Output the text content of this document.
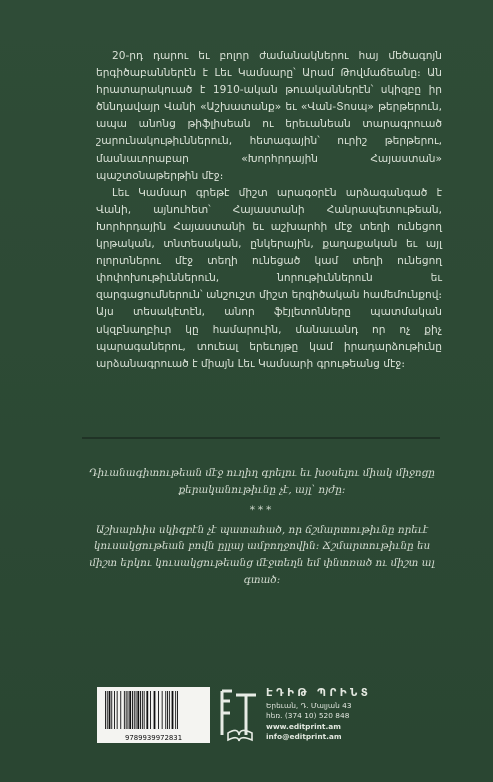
20-րդ դարու եւ բոլոր ժամանակներու հայ մեծագոյն երգիծաբաններէն է Լեւ Կամսարը՝ Արամ Թովմաճեանը։ Ան հրատարակուած է 1910-ական թուականներէն՝ սկիզբը իր ծննդավայր Վանի «Աշխատանք» եւ «Վան-Տոսպ» թերթերուն, ապա անոնց թիֆլիսեան ու երեւանեան տարագրուած շարունակութիւններուն, հետագային՝ ուրիշ թերթերու, մասնաւորաբար «Խորհրդային Հայաստան» պաշտօնաթերթին մէջ։

Լեւ Կամսար գրեթէ միշտ արագօրէն արձագանգած է Վանի, այնուհետ՝ Հայաստանի Հանրապետութեան, Խորհրդային Հայաստանի եւ աշխարհի մէջ տեղի ունեցող կրթական, տնտեսական, ընկերային, քաղաքական եւ այլ ոլորտներու մէջ տեղի ունեցած կամ տեղի ունեցող փոփոխութիւններուն, նորութիւններուն եւ զարգացումներուն՝ անշուշտ միշտ երգիծական համեմունքով։ Այս տեսակէտէն, անոր ֆէյլետոնները պատմական սկզբնաղբիւր կը համարուին, մանաւանդ որ ոչ քիչ պարագաներու, տուեալ երեւոյթը կամ իրադարձութիւնը արձանագրուած է միայն Լեւ Կամսարի գրութեանց մէջ։

Դիւանագիտութեան մէջ ուղիղ գրելու եւ խօսելու միակ միջոցը քերականութիւնը չէ, այլ՝ ոյժը։
***
Աշխարհիս սկիզբէն չէ պատահած, որ ճշմարտութիւնը որեւէ կուսակցութեան բովն ըլլայ ամբողջովին։ Ճշմարտութիւնը ես միշտ երկու կուսակցութեանց մէջտեղն եմ փնտռած ու միշտ ալ գտած։
9789939972831
ԷԴԻԹ ՊՐԻՆՏ
Երեւան, Դ. Մալյան 43
հեռ. (374 10) 520 848
www.editprint.am
info@editprint.am
